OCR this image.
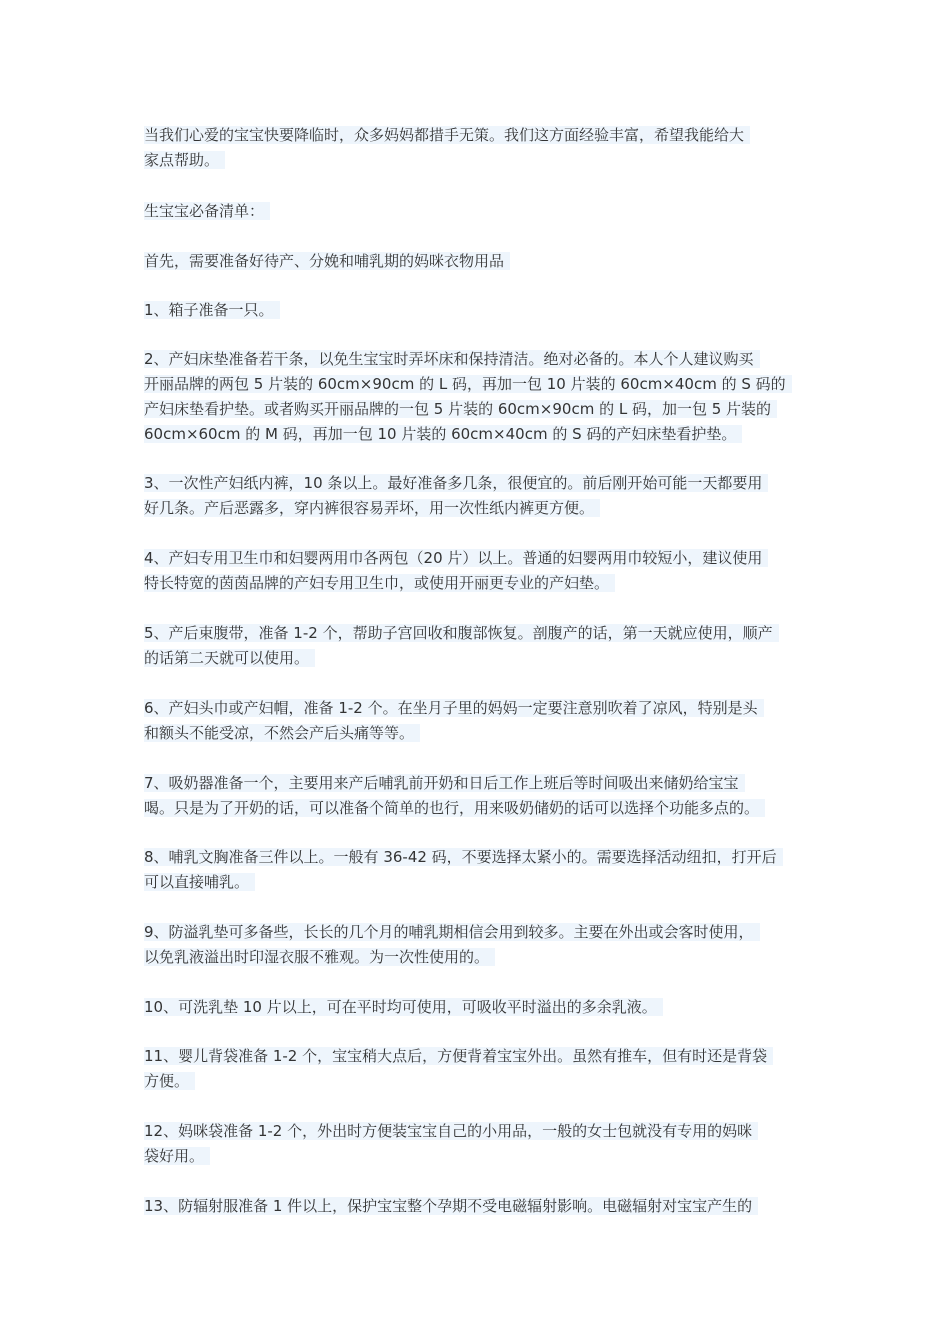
当我们心爱的宝宝快要降临时，众多妈妈都措手无策。我们这方面经验丰富，希望我能给大
家点帮助。
生宝宝必备清单：
首先，需要准备好待产、分娩和哺乳期的妈咪衣物用品
1、箱子准备一只。
2、产妇床垫准备若干条，以免生宝宝时弄坏床和保持清洁。绝对必备的。本人个人建议购买
开丽品牌的两包 5 片装的 60cm×90cm 的 L 码，再加一包 10 片装的 60cm×40cm 的 S 码的
产妇床垫看护垫。或者购买开丽品牌的一包 5 片装的 60cm×90cm 的 L 码，加一包 5 片装的
60cm×60cm 的 M 码，再加一包 10 片装的 60cm×40cm 的 S 码的产妇床垫看护垫。
3、一次性产妇纸内裤，10 条以上。最好准备多几条，很便宜的。前后刚开始可能一天都要用
好几条。产后恶露多，穿内裤很容易弄坏，用一次性纸内裤更方便。
4、产妇专用卫生巾和妇婴两用巾各两包（20 片）以上。普通的妇婴两用巾较短小，建议使用
特长特宽的茵茵品牌的产妇专用卫生巾，或使用开丽更专业的产妇垫。
5、产后束腹带，准备 1-2 个，帮助子宫回收和腹部恢复。剖腹产的话，第一天就应使用，顺产
的话第二天就可以使用。
6、产妇头巾或产妇帽，准备 1-2 个。在坐月子里的妈妈一定要注意别吹着了凉风，特别是头
和额头不能受凉，不然会产后头痛等等。
7、吸奶器准备一个，主要用来产后哺乳前开奶和日后工作上班后等时间吸出来储奶给宝宝
喝。只是为了开奶的话，可以准备个简单的也行，用来吸奶储奶的话可以选择个功能多点的。
8、哺乳文胸准备三件以上。一般有 36-42 码，不要选择太紧小的。需要选择活动纽扣，打开后
可以直接哺乳。
9、防溢乳垫可多备些，长长的几个月的哺乳期相信会用到较多。主要在外出或会客时使用，
以免乳液溢出时印湿衣服不雅观。为一次性使用的。
10、可洗乳垫 10 片以上，可在平时均可使用，可吸收平时溢出的多余乳液。
11、婴儿背袋准备 1-2 个，宝宝稍大点后，方便背着宝宝外出。虽然有推车，但有时还是背袋
方便。
12、妈咪袋准备 1-2 个，外出时方便装宝宝自己的小用品，一般的女士包就没有专用的妈咪
袋好用。
13、防辐射服准备 1 件以上，保护宝宝整个孕期不受电磁辐射影响。电磁辐射对宝宝产生的
